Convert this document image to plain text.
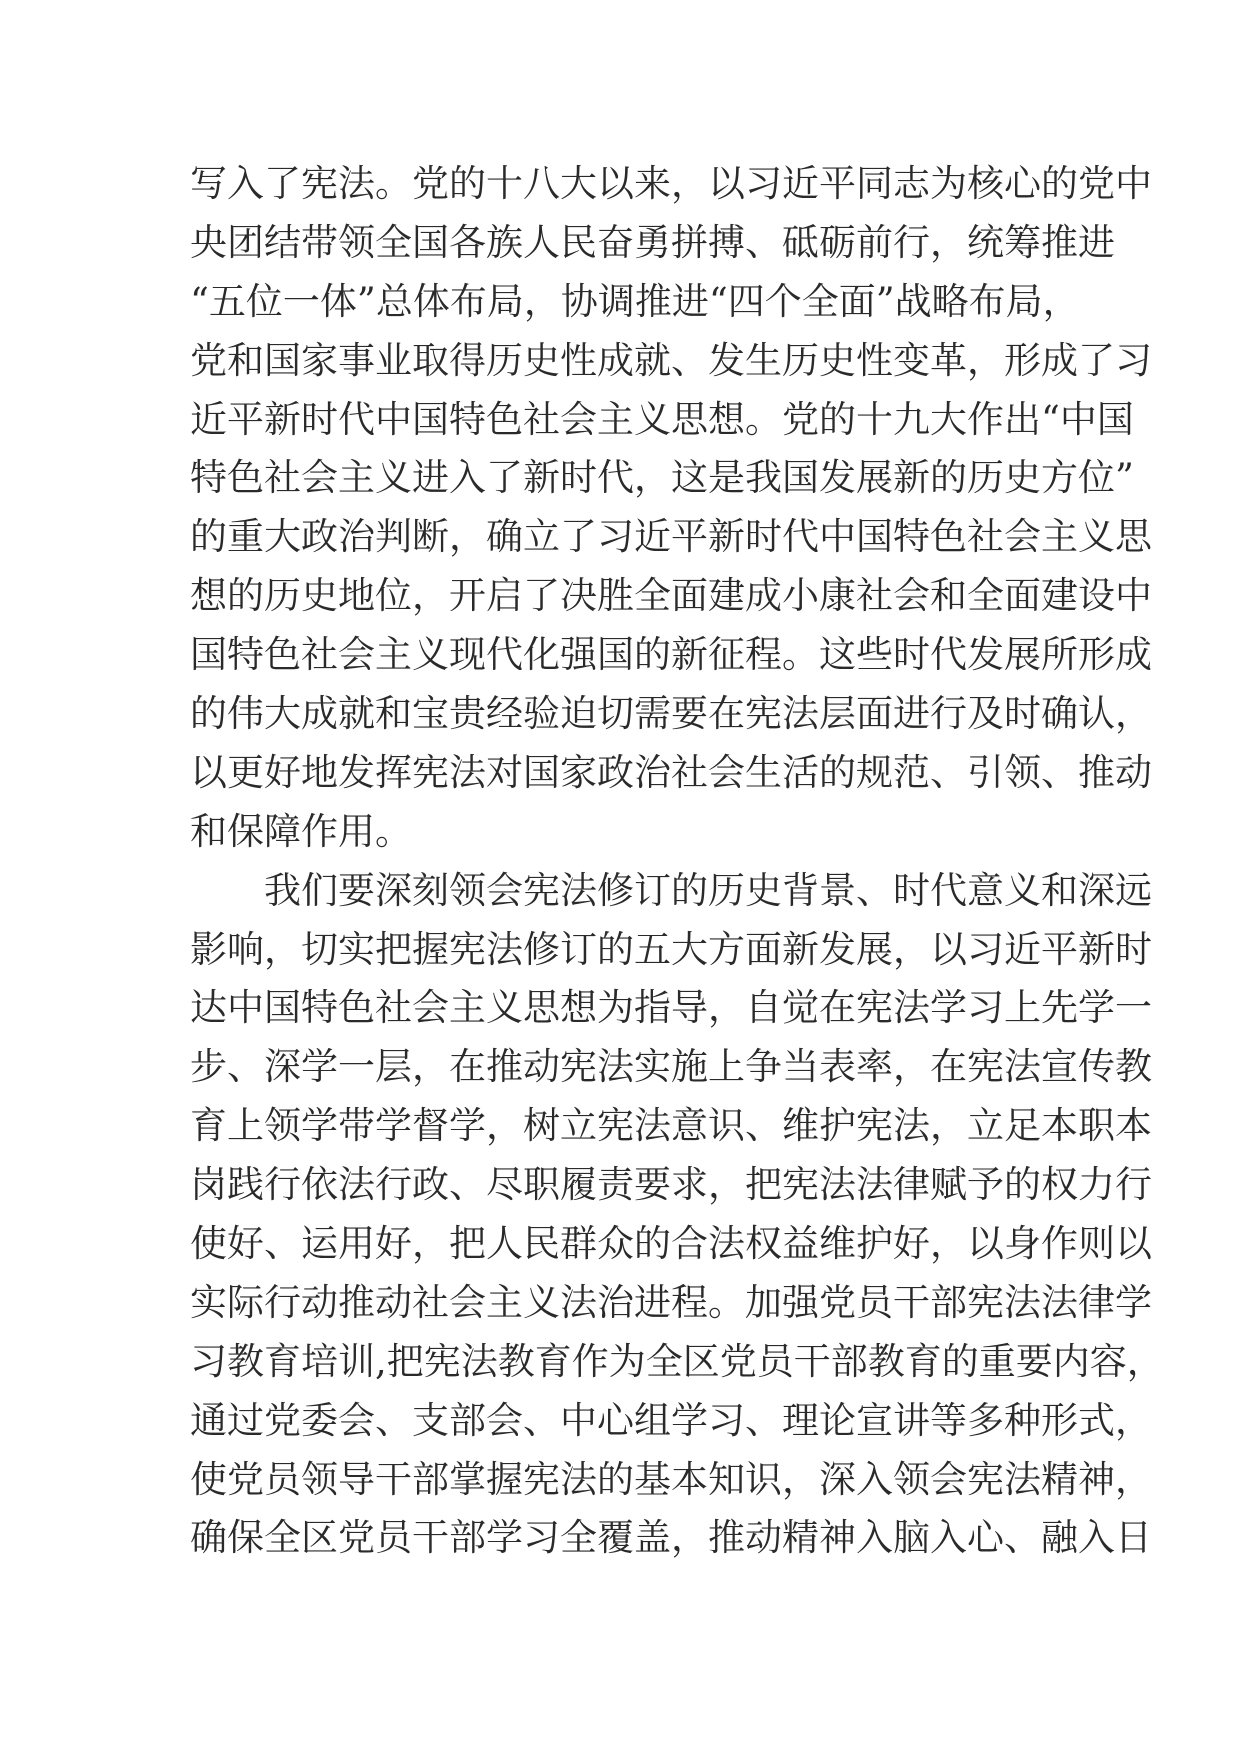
写入了宪法。党的十八大以来，以习近平同志为核心的党中
央团结带领全国各族人民奋勇拼搏、砥砺前行，统筹推进
“五位一体”总体布局，协调推进“四个全面”战略布局，
党和国家事业取得历史性成就、发生历史性变革，形成了习
近平新时代中国特色社会主义思想。党的十九大作出“中国
特色社会主义进入了新时代，这是我国发展新的历史方位”
的重大政治判断，确立了习近平新时代中国特色社会主义思
想的历史地位，开启了决胜全面建成小康社会和全面建设中
国特色社会主义现代化强国的新征程。这些时代发展所形成
的伟大成就和宝贵经验迫切需要在宪法层面进行及时确认，
以更好地发挥宪法对国家政治社会生活的规范、引领、推动
和保障作用。
我们要深刻领会宪法修订的历史背景、时代意义和深远
影响，切实把握宪法修订的五大方面新发展，以习近平新时
达中国特色社会主义思想为指导，自觉在宪法学习上先学一
步、深学一层，在推动宪法实施上争当表率，在宪法宣传教
育上领学带学督学，树立宪法意识、维护宪法，立足本职本
岗践行依法行政、尽职履责要求，把宪法法律赋予的权力行
使好、运用好，把人民群众的合法权益维护好，以身作则以
实际行动推动社会主义法治进程。加强党员干部宪法法律学
习教育培训,把宪法教育作为全区党员干部教育的重要内容，
通过党委会、支部会、中心组学习、理论宣讲等多种形式，
使党员领导干部掌握宪法的基本知识，深入领会宪法精神，
确保全区党员干部学习全覆盖，推动精神入脑入心、融入日
